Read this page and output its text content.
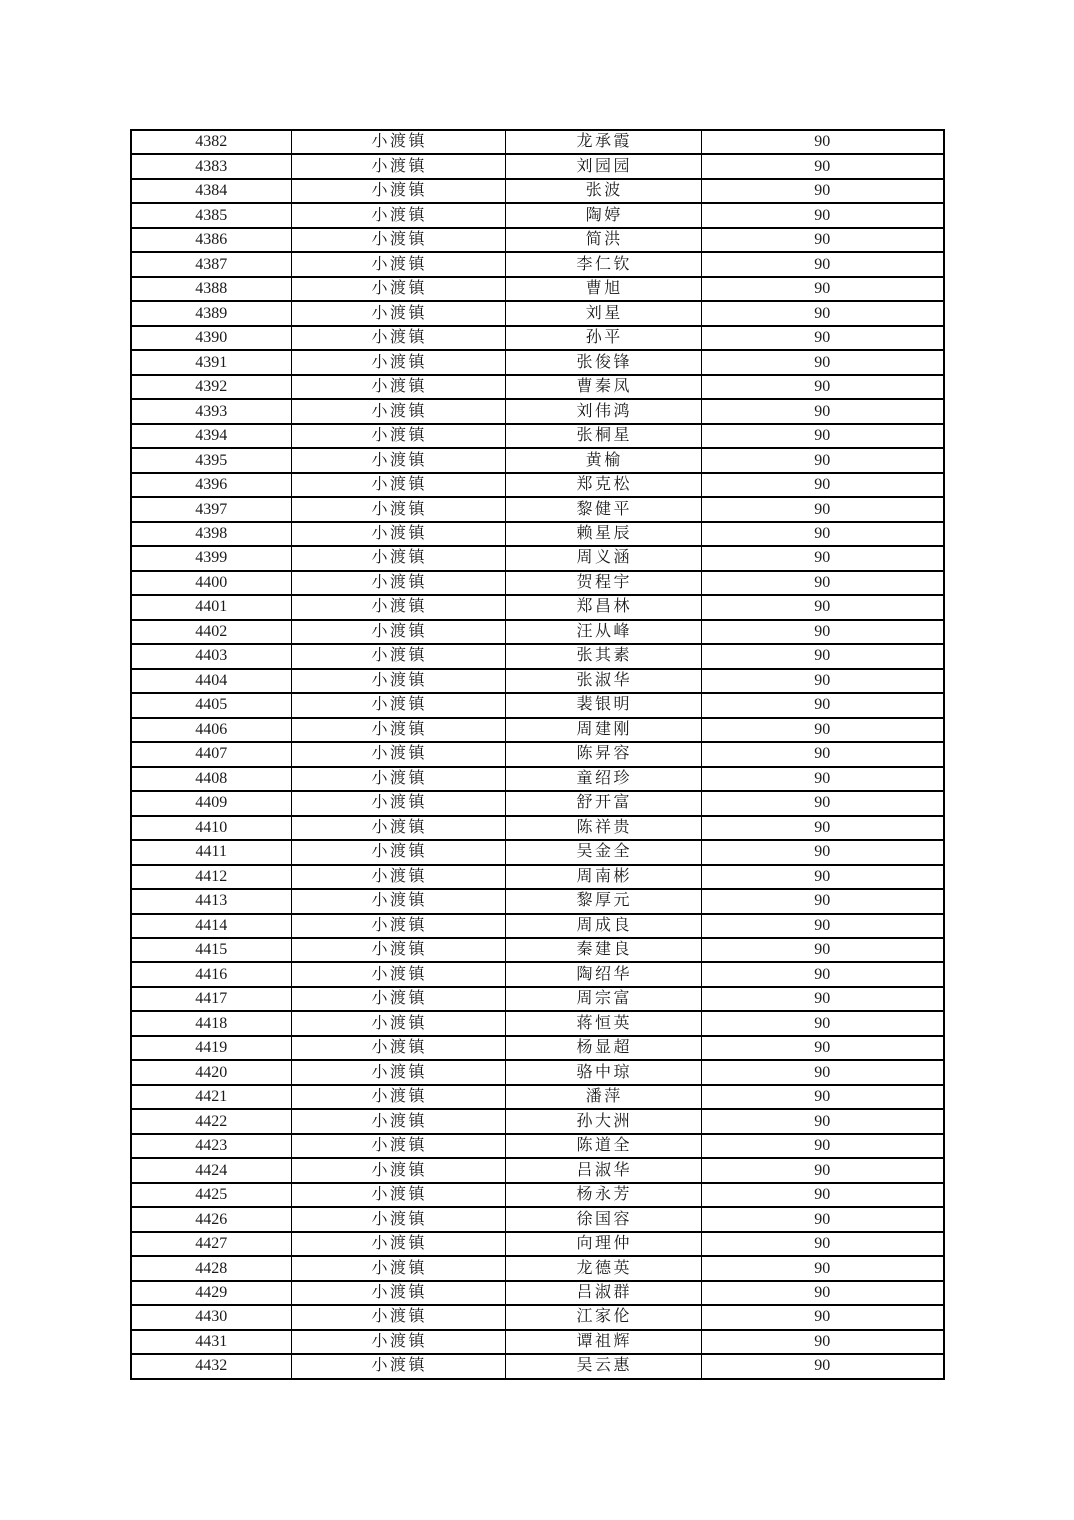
4382	小渡镇	龙承霞	90
4383	小渡镇	刘园园	90
4384	小渡镇	张波	90
4385	小渡镇	陶婷	90
4386	小渡镇	简洪	90
4387	小渡镇	李仁钦	90
4388	小渡镇	曹旭	90
4389	小渡镇	刘星	90
4390	小渡镇	孙平	90
4391	小渡镇	张俊锋	90
4392	小渡镇	曹秦凤	90
4393	小渡镇	刘伟鸿	90
4394	小渡镇	张桐星	90
4395	小渡镇	黄榆	90
4396	小渡镇	郑克松	90
4397	小渡镇	黎健平	90
4398	小渡镇	赖星辰	90
4399	小渡镇	周义涵	90
4400	小渡镇	贺程宇	90
4401	小渡镇	郑昌林	90
4402	小渡镇	汪从峰	90
4403	小渡镇	张其素	90
4404	小渡镇	张淑华	90
4405	小渡镇	裴银明	90
4406	小渡镇	周建刚	90
4407	小渡镇	陈昇容	90
4408	小渡镇	童绍珍	90
4409	小渡镇	舒开富	90
4410	小渡镇	陈祥贵	90
4411	小渡镇	吴金全	90
4412	小渡镇	周南彬	90
4413	小渡镇	黎厚元	90
4414	小渡镇	周成良	90
4415	小渡镇	秦建良	90
4416	小渡镇	陶绍华	90
4417	小渡镇	周宗富	90
4418	小渡镇	蒋恒英	90
4419	小渡镇	杨显超	90
4420	小渡镇	骆中琼	90
4421	小渡镇	潘萍	90
4422	小渡镇	孙大洲	90
4423	小渡镇	陈道全	90
4424	小渡镇	吕淑华	90
4425	小渡镇	杨永芳	90
4426	小渡镇	徐国容	90
4427	小渡镇	向理仲	90
4428	小渡镇	龙德英	90
4429	小渡镇	吕淑群	90
4430	小渡镇	江家伦	90
4431	小渡镇	谭祖辉	90
4432	小渡镇	吴云惠	90
